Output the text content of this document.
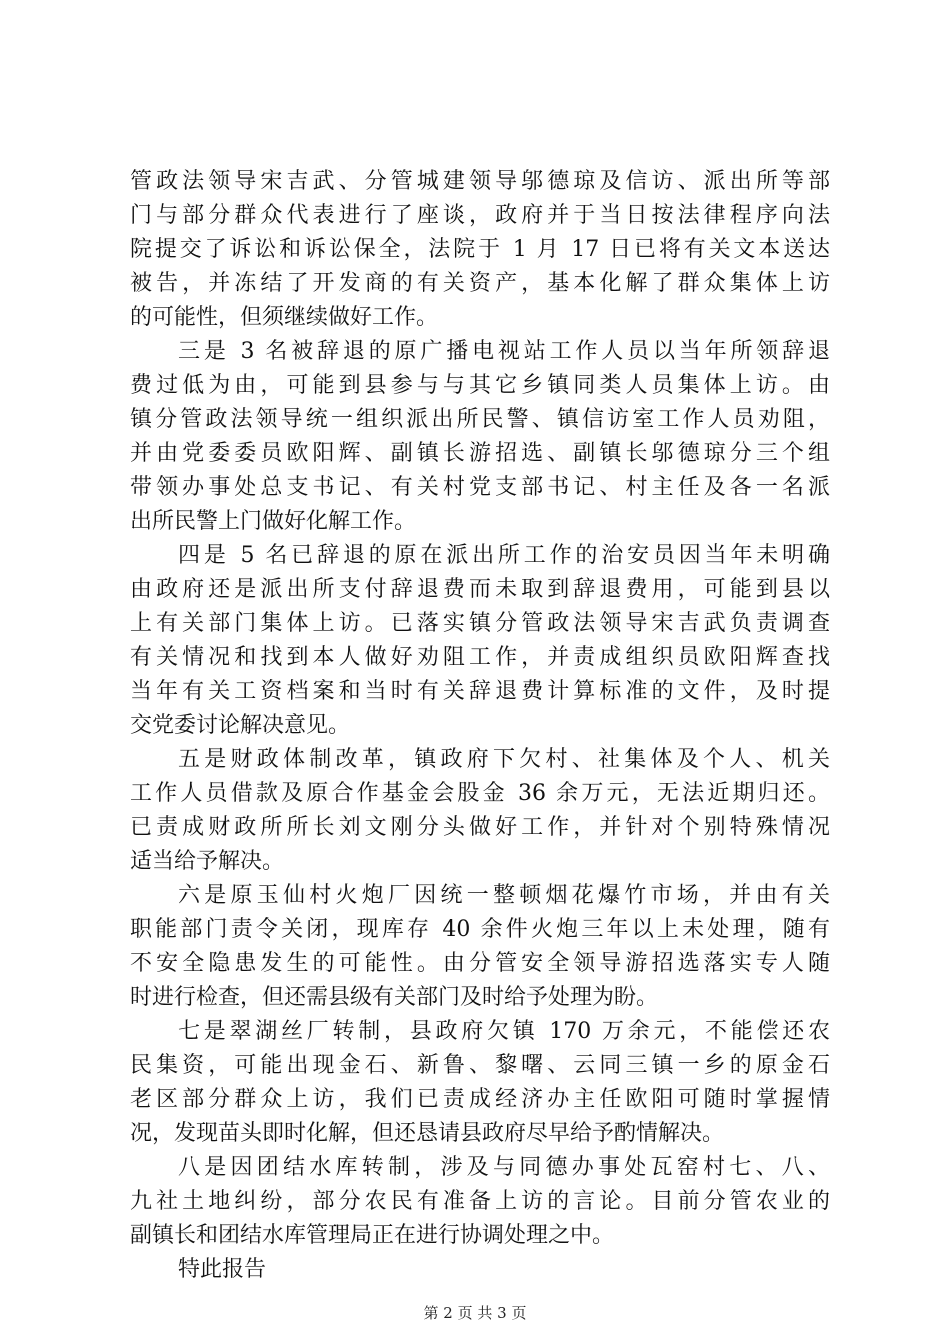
管政法领导宋吉武、分管城建领导邬德琼及信访、派出所等部
门与部分群众代表进行了座谈，政府并于当日按法律程序向法
院提交了诉讼和诉讼保全，法院于 1 月 17 日已将有关文本送达
被告，并冻结了开发商的有关资产，基本化解了群众集体上访
的可能性，但须继续做好工作。
三是 3 名被辞退的原广播电视站工作人员以当年所领辞退
费过低为由，可能到县参与与其它乡镇同类人员集体上访。由
镇分管政法领导统一组织派出所民警、镇信访室工作人员劝阻，
并由党委委员欧阳辉、副镇长游招选、副镇长邬德琼分三个组
带领办事处总支书记、有关村党支部书记、村主任及各一名派
出所民警上门做好化解工作。
四是 5 名已辞退的原在派出所工作的治安员因当年未明确
由政府还是派出所支付辞退费而未取到辞退费用，可能到县以
上有关部门集体上访。已落实镇分管政法领导宋吉武负责调查
有关情况和找到本人做好劝阻工作，并责成组织员欧阳辉查找
当年有关工资档案和当时有关辞退费计算标准的文件，及时提
交党委讨论解决意见。
五是财政体制改革，镇政府下欠村、社集体及个人、机关
工作人员借款及原合作基金会股金 36 余万元，无法近期归还。
已责成财政所所长刘文刚分头做好工作，并针对个别特殊情况
适当给予解决。
六是原玉仙村火炮厂因统一整顿烟花爆竹市场，并由有关
职能部门责令关闭，现库存 40 余件火炮三年以上未处理，随有
不安全隐患发生的可能性。由分管安全领导游招选落实专人随
时进行检查，但还需县级有关部门及时给予处理为盼。
七是翠湖丝厂转制，县政府欠镇 170 万余元，不能偿还农
民集资，可能出现金石、新鲁、黎曙、云同三镇一乡的原金石
老区部分群众上访，我们已责成经济办主任欧阳可随时掌握情
况，发现苗头即时化解，但还恳请县政府尽早给予酌情解决。
八是因团结水库转制，涉及与同德办事处瓦窑村七、八、
九社土地纠纷，部分农民有准备上访的言论。目前分管农业的
副镇长和团结水库管理局正在进行协调处理之中。
特此报告
第 2 页 共 3 页
